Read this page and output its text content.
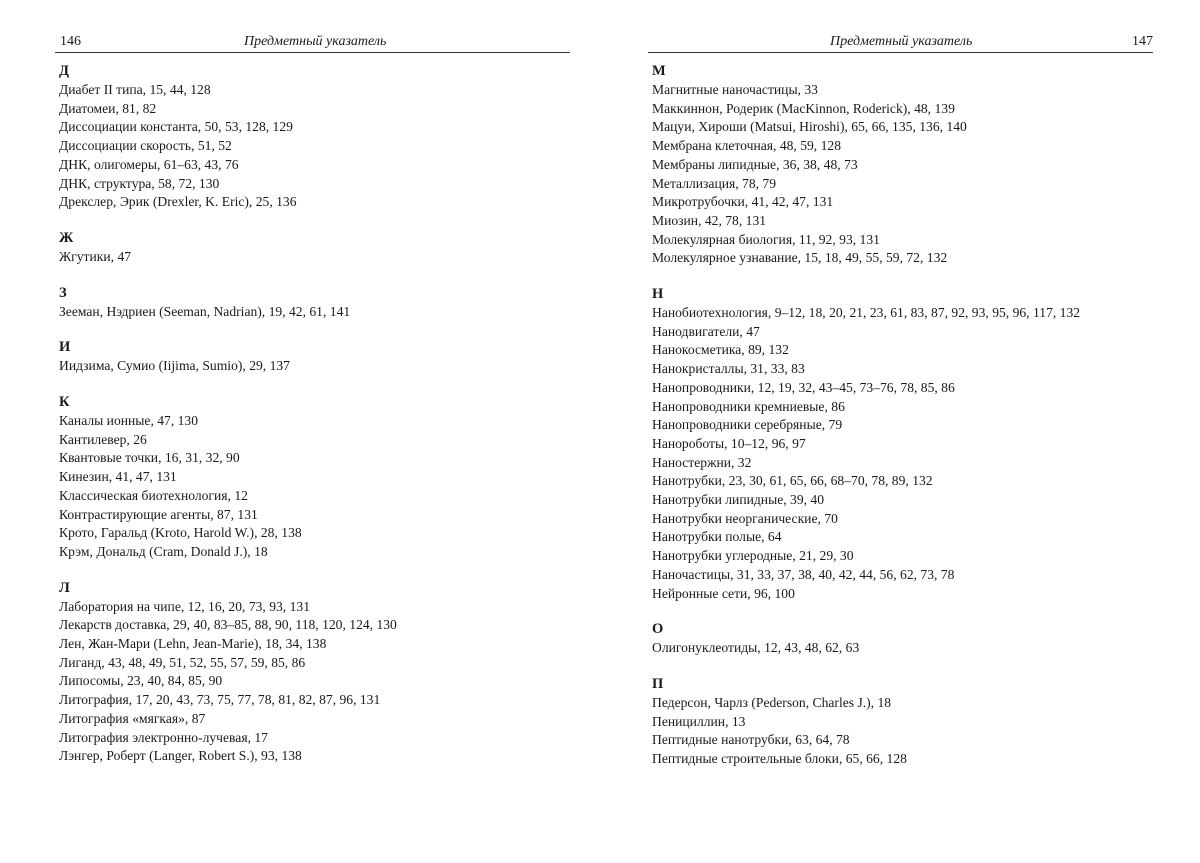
146	Предметный указатель
Д
Диабет II типа, 15, 44, 128
Диатомеи, 81, 82
Диссоциации константа, 50, 53, 128, 129
Диссоциации скорость, 51, 52
ДНК, олигомеры, 61–63, 43, 76
ДНК, структура, 58, 72, 130
Дрекслер, Эрик (Drexler, K. Eric), 25, 136
Ж
Жгутики, 47
З
Зееман, Нэдриен (Seeman, Nadrian), 19, 42, 61, 141
И
Иидзима, Сумио (Iijima, Sumio), 29, 137
К
Каналы ионные, 47, 130
Кантилевер, 26
Квантовые точки, 16, 31, 32, 90
Кинезин, 41, 47, 131
Классическая биотехнология, 12
Контрастирующие агенты, 87, 131
Крото, Гаральд (Kroto, Harold W.), 28, 138
Крэм, Дональд (Cram, Donald J.), 18
Л
Лаборатория на чипе, 12, 16, 20, 73, 93, 131
Лекарств доставка, 29, 40, 83–85, 88, 90, 118, 120, 124, 130
Лен, Жан-Мари (Lehn, Jean-Marie), 18, 34, 138
Лиганд, 43, 48, 49, 51, 52, 55, 57, 59, 85, 86
Липосомы, 23, 40, 84, 85, 90
Литография, 17, 20, 43, 73, 75, 77, 78, 81, 82, 87, 96, 131
Литография «мягкая», 87
Литография электронно-лучевая, 17
Лэнгер, Роберт (Langer, Robert S.), 93, 138
147
Предметный указатель
М
Магнитные наночастицы, 33
Маккиннон, Родерик (MacKinnon, Roderick), 48, 139
Мацуи, Хироши (Matsui, Hiroshi), 65, 66, 135, 136, 140
Мембрана клеточная, 48, 59, 128
Мембраны липидные, 36, 38, 48, 73
Металлизация, 78, 79
Микротрубочки, 41, 42, 47, 131
Миозин, 42, 78, 131
Молекулярная биология, 11, 92, 93, 131
Молекулярное узнавание, 15, 18, 49, 55, 59, 72, 132
Н
Нанобиотехнология, 9–12, 18, 20, 21, 23, 61, 83, 87, 92, 93, 95, 96, 117, 132
Нанодвигатели, 47
Нанокосметика, 89, 132
Нанокристаллы, 31, 33, 83
Нанопроводники, 12, 19, 32, 43–45, 73–76, 78, 85, 86
Нанопроводники кремниевые, 86
Нанопроводники серебряные, 79
Нанороботы, 10–12, 96, 97
Наностержни, 32
Нанотрубки, 23, 30, 61, 65, 66, 68–70, 78, 89, 132
Нанотрубки липидные, 39, 40
Нанотрубки неорганические, 70
Нанотрубки полые, 64
Нанотрубки углеродные, 21, 29, 30
Наночастицы, 31, 33, 37, 38, 40, 42, 44, 56, 62, 73, 78
Нейронные сети, 96, 100
О
Олигонуклеотиды, 12, 43, 48, 62, 63
П
Педерсон, Чарлз (Pederson, Charles J.), 18
Пенициллин, 13
Пептидные нанотрубки, 63, 64, 78
Пептидные строительные блоки, 65, 66, 128
